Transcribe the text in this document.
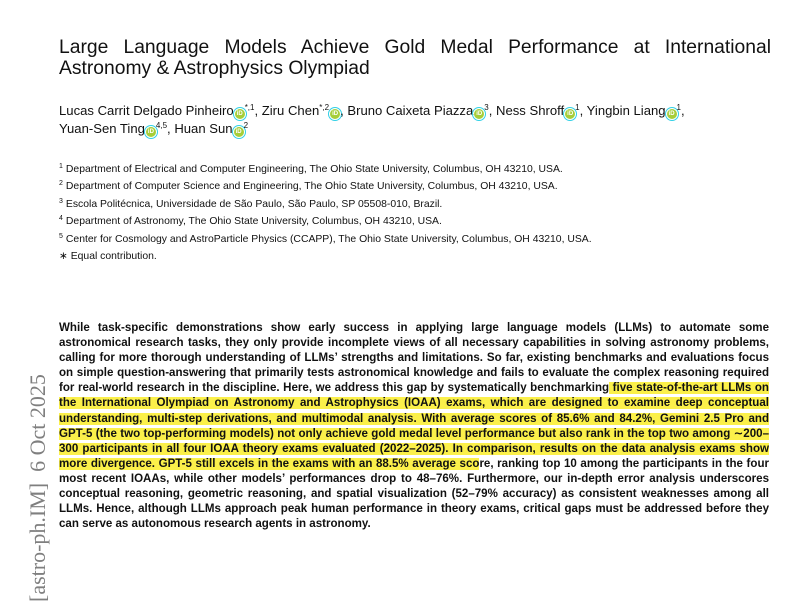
[astro-ph.IM]  6 Oct 2025
Large Language Models Achieve Gold Medal Performance at International Astronomy & Astrophysics Olympiad
Lucas Carrit Delgado Pinheiro $iD^{*,1}$, Ziru Chen$^{*,2}$iD , Bruno Caixeta Piazza $iD^3$, Ness Shroff $iD^1$, Yingbin Liang $iD^1$,
Yuan-Sen Ting iD$^{4,5}$, Huan Sun $iD^2$
$^1$ Department of Electrical and Computer Engineering, The Ohio State University, Columbus, OH 43210, USA.
$^2$ Department of Computer Science and Engineering, The Ohio State University, Columbus, OH 43210, USA.
$^3$ Escola Politécnica, Universidade de São Paulo, São Paulo, SP 05508-010, Brazil.
$^4$ Department of Astronomy, The Ohio State University, Columbus, OH 43210, USA.
$^5$ Center for Cosmology and AstroParticle Physics (CCAPP), The Ohio State University, Columbus, OH 43210, USA.
∗ Equal contribution.

While task-specific demonstrations show early success in applying large language models (LLMs) to automate some astronomical research tasks, they only provide incomplete views of all necessary capabilities in solving astronomy problems, calling for more thorough understanding of LLMs’ strengths and limitations. So far, existing benchmarks and evaluations focus on simple question-answering that primarily tests astronomical knowledge and fails to evaluate the complex reasoning required for real-world research in the discipline. Here, we address this gap by systematically benchmarking five state-of-the-art LLMs on the International Olympiad on Astronomy and Astrophysics (IOAA) exams, which are designed to examine deep conceptual understanding, multi-step derivations, and multimodal analysis. With average scores of 85.6% and 84.2%, Gemini 2.5 Pro and GPT-5 (the two top-performing models) not only achieve gold medal level performance but also rank in the top two among ∼200–300 participants in all four IOAA theory exams evaluated (2022–2025). In comparison, results on the data analysis exams show more divergence. GPT-5 still excels in the exams with an 88.5% average score, ranking top 10 among the participants in the four most recent IOAAs, while other models’ performances drop to 48–76%. Furthermore, our in-depth error analysis underscores conceptual reasoning, geometric reasoning, and spatial visualization (52–79% accuracy) as consistent weaknesses among all LLMs. Hence, although LLMs approach peak human performance in theory exams, critical gaps must be addressed before they can serve as autonomous research agents in astronomy.
